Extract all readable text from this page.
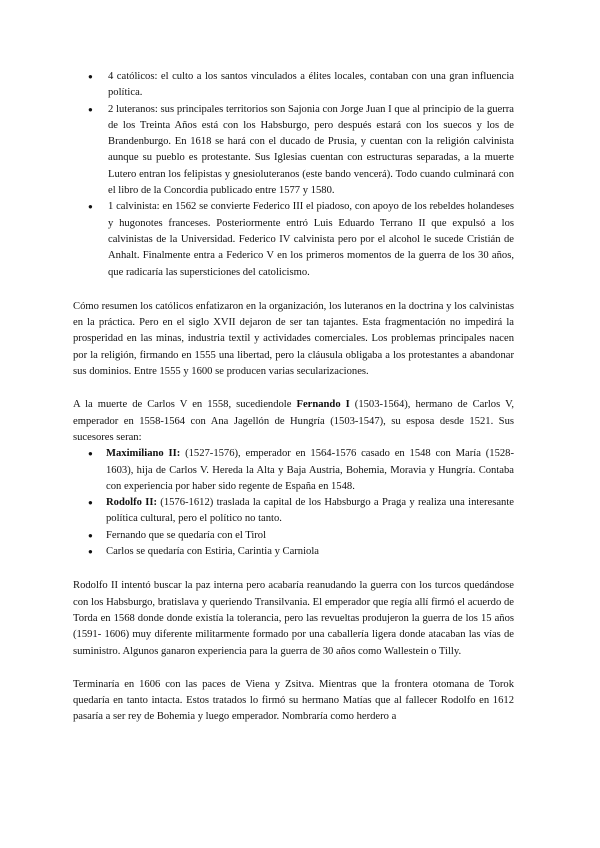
● 4 católicos: el culto a los santos vinculados a élites locales, contaban con una gran influencia política.
● 2 luteranos: sus principales territorios son Sajonia con Jorge Juan I que al principio de la guerra de los Treinta Años está con los Habsburgo, pero después estará con los suecos y los de Brandenburgo. En 1618 se hará con el ducado de Prusia, y cuentan con la religión calvinista aunque su pueblo es protestante. Sus Iglesias cuentan con estructuras separadas, a la muerte Lutero entran los felipistas y gnesioluteranos (este bando vencerá). Todo cuando culminará con el libro de la Concordia publicado entre 1577 y 1580.
● 1 calvinista: en 1562 se convierte Federico III el piadoso, con apoyo de los rebeldes holandeses y hugonotes franceses. Posteriormente entró Luis Eduardo Terrano II que expulsó a los calvinistas de la Universidad. Federico IV calvinista pero por el alcohol le sucede Cristián de Anhalt. Finalmente entra a Federico V en los primeros momentos de la guerra de los 30 años, que radicaría las supersticiones del catolicismo.

Cómo resumen los católicos enfatizaron en la organización, los luteranos en la doctrina y los calvinistas en la práctica. Pero en el siglo XVII dejaron de ser tan tajantes. Esta fragmentación no impedirá la prosperidad en las minas, industria textil y actividades comerciales. Los problemas principales nacen por la religión, firmando en 1555 una libertad, pero la cláusula obligaba a los protestantes a abandonar sus dominios. Entre 1555 y 1600 se producen varias secularizaciones.

A la muerte de Carlos V en 1558, sucediendole Fernando I (1503-1564), hermano de Carlos V, emperador en 1558-1564 con Ana Jagellón de Hungría (1503-1547), su esposa desde 1521. Sus sucesores seran:

● Maximiliano II: (1527-1576), emperador en 1564-1576 casado en 1548 con María (1528-1603), hija de Carlos V. Hereda la Alta y Baja Austria, Bohemia, Moravia y Hungría. Contaba con experiencia por haber sido regente de España en 1548.
● Rodolfo II: (1576-1612) traslada la capital de los Habsburgo a Praga y realiza una interesante política cultural, pero el político no tanto.
● Fernando que se quedaría con el Tirol
● Carlos se quedaría con Estiria, Carintia y Carniola

Rodolfo II intentó buscar la paz interna pero acabaría reanudando la guerra con los turcos quedándose con los Habsburgo, bratislava y queriendo Transilvania. El emperador que regía allí firmó el acuerdo de Torda en 1568 donde donde existía la tolerancia, pero las revueltas produjeron la guerra de los 15 años (1591- 1606) muy diferente militarmente formado por una caballería ligera donde atacaban las vías de suministro. Algunos ganaron experiencia para la guerra de 30 años como Wallestein o Tilly.

Terminaría en 1606 con las paces de Viena y Zsitva. Mientras que la frontera otomana de Torok quedaría en tanto intacta. Estos tratados lo firmó su hermano Matías que al fallecer Rodolfo en 1612 pasaría a ser rey de Bohemia y luego emperador. Nombraría como herdero a
